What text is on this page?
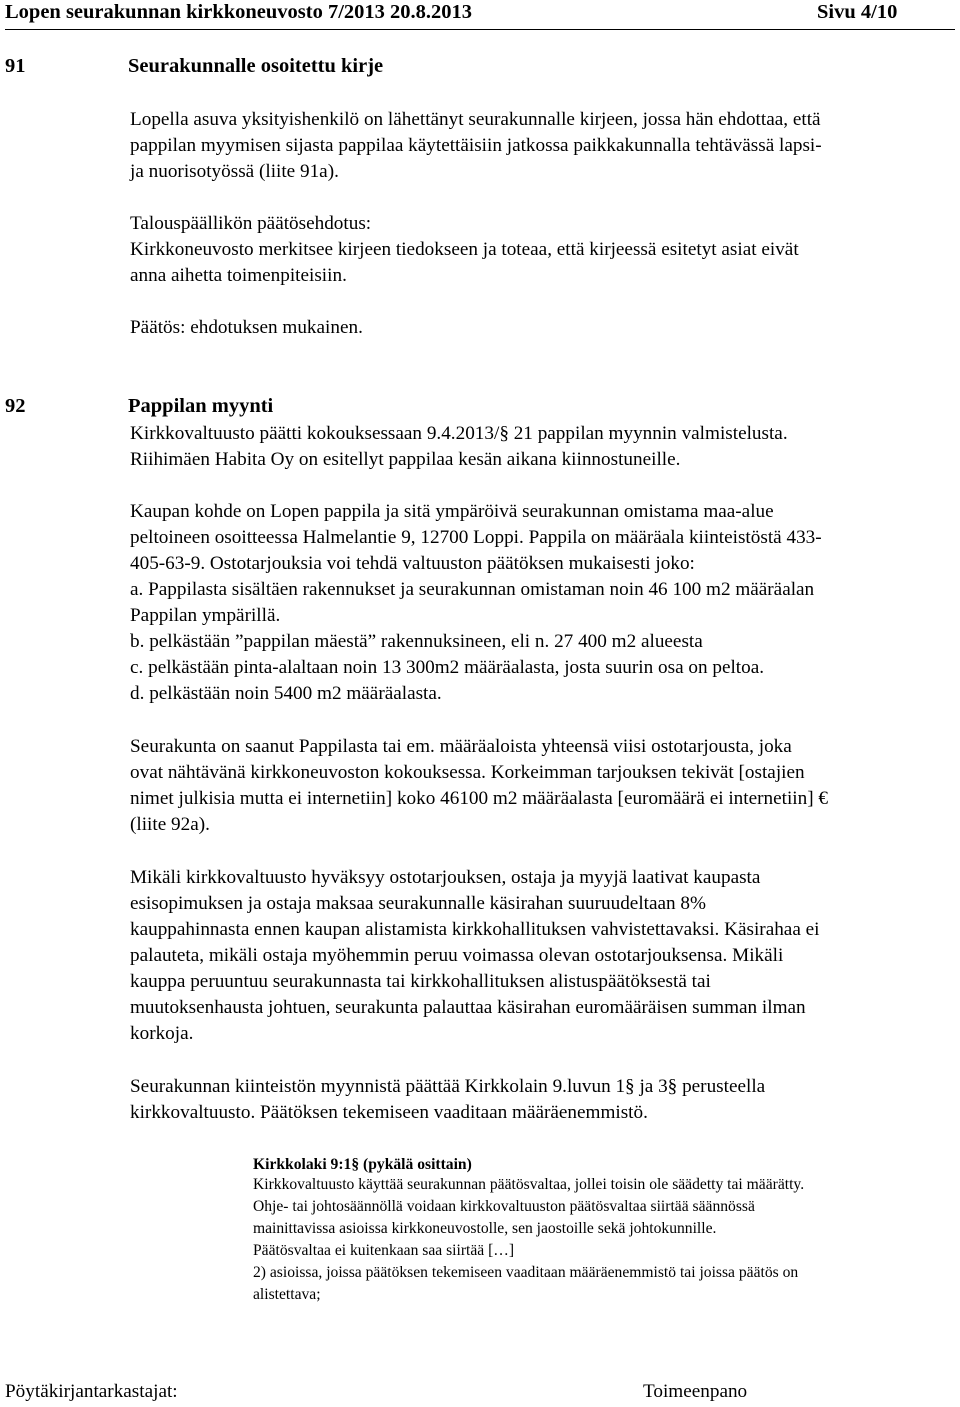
Lopen seurakunnan kirkkoneuvosto 7/2013 20.8.2013	Sivu 4/10
91	Seurakunnalle osoitettu kirje
Lopella asuva yksityishenkilö on lähettänyt seurakunnalle kirjeen, jossa hän ehdottaa, että
pappilan myymisen sijasta pappilaa käytettäisiin jatkossa paikkakunnalla tehtävässä lapsi-
ja nuorisotyössä (liite 91a).
Talouspäällikön päätösehdotus:
Kirkkoneuvosto merkitsee kirjeen tiedokseen ja toteaa, että kirjeessä esitetyt asiat eivät
anna aihetta toimenpiteisiin.
Päätös: ehdotuksen mukainen.
92	Pappilan myynti
Kirkkovaltuusto päätti kokouksessaan 9.4.2013/§ 21 pappilan myynnin valmistelusta.
Riihimäen Habita Oy on esitellyt pappilaa kesän aikana kiinnostuneille.
Kaupan kohde on Lopen pappila ja sitä ympäröivä seurakunnan omistama maa-alue
peltoineen osoitteessa Halmelantie 9, 12700 Loppi. Pappila on määräala kiinteistöstä 433-
405-63-9. Ostotarjouksia voi tehdä valtuuston päätöksen mukaisesti joko:
a. Pappilasta sisältäen rakennukset ja seurakunnan omistaman noin 46 100 m2 määräalan
Pappilan ympärillä.
b. pelkästään ”pappilan mäestä” rakennuksineen, eli n. 27 400 m2 alueesta
c. pelkästään pinta-alaltaan noin 13 300m2 määräalasta, josta suurin osa on peltoa.
d. pelkästään noin 5400 m2 määräalasta.
Seurakunta on saanut Pappilasta tai em. määräaloista yhteensä viisi ostotarjousta, joka
ovat nähtävänä kirkkoneuvoston kokouksessa. Korkeimman tarjouksen tekivät [ostajien
nimet julkisia mutta ei internetiin] koko 46100 m2 määräalasta [euromäärä ei internetiin] €
(liite 92a).
Mikäli kirkkovaltuusto hyväksyy ostotarjouksen, ostaja ja myyjä laativat kaupasta
esisopimuksen ja ostaja maksaa seurakunnalle käsirahan suuruudeltaan 8%
kauppahinnasta ennen kaupan alistamista kirkkohallituksen vahvistettavaksi. Käsirahaa ei
palauteta, mikäli ostaja myöhemmin peruu voimassa olevan ostotarjouksensa. Mikäli
kauppa peruuntuu seurakunnasta tai kirkkohallituksen alistuspäätöksestä tai
muutoksenhausta johtuen, seurakunta palauttaa käsirahan euromääräisen summan ilman
korkoja.
Seurakunnan kiinteistön myynnistä päättää Kirkkolain 9.luvun 1§ ja 3§ perusteella
kirkkovaltuusto. Päätöksen tekemiseen vaaditaan määräenemmistö.
Kirkkolaki 9:1§ (pykälä osittain)
Kirkkovaltuusto käyttää seurakunnan päätösvaltaa, jollei toisin ole säädetty tai määrätty.
Ohje- tai johtosäännöllä voidaan kirkkovaltuuston päätösvaltaa siirtää säännössä
mainittavissa asioissa kirkkoneuvostolle, sen jaostoille sekä johtokunnille.
Päätösvaltaa ei kuitenkaan saa siirtää […]
2) asioissa, joissa päätöksen tekemiseen vaaditaan määräenemmistö tai joissa päätös on
alistettava;
Pöytäkirjantarkastajat:	Toimeenpano
